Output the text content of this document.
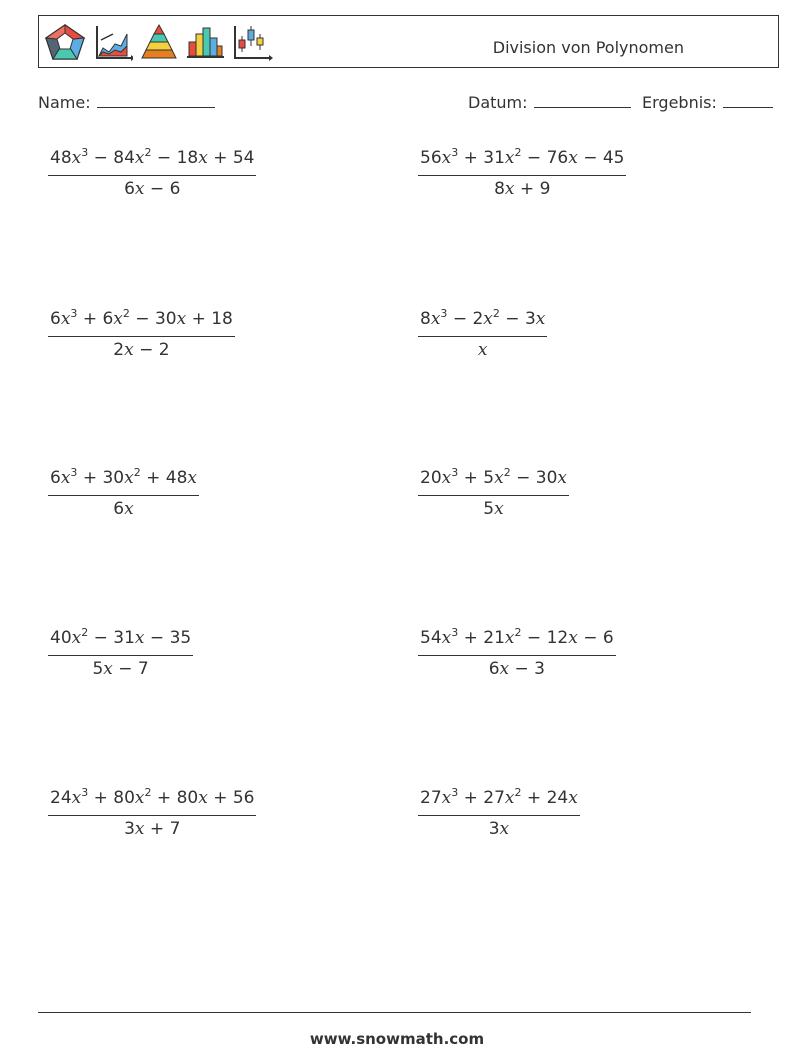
Division von Polynomen
Name:	Datum:	Ergebnis:
$\frac{48x^3 - 84x^2 - 18x + 54}{6x - 6}$	$\frac{56x^3 + 31x^2 - 76x - 45}{8x + 9}$
$\frac{6x^3 + 6x^2 - 30x + 18}{2x - 2}$	$\frac{8x^3 - 2x^2 - 3x}{x}$
$\frac{6x^3 + 30x^2 + 48x}{6x}$	$\frac{20x^3 + 5x^2 - 30x}{5x}$
$\frac{40x^2 - 31x - 35}{5x - 7}$	$\frac{54x^3 + 21x^2 - 12x - 6}{6x - 3}$
$\frac{24x^3 + 80x^2 + 80x + 56}{3x + 7}$	$\frac{27x^3 + 27x^2 + 24x}{3x}$
www.snowmath.com
